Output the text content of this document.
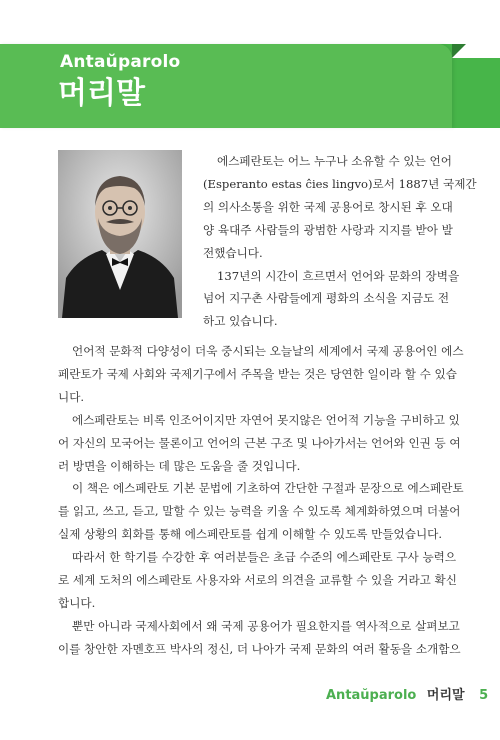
Antaŭparolo
머리말
에스페란토는 어느 누구나 소유할 수 있는 언어
(Esperanto estas ĉies lingvo)로서 1887년 국제간
의 의사소통을 위한 국제 공용어로 창시된 후 오대
양 육대주 사람들의 광범한 사랑과 지지를 받아 발
전했습니다.
137년의 시간이 흐르면서 언어와 문화의 장벽을
넘어 지구촌 사람들에게 평화의 소식을 지금도 전
하고 있습니다.
언어적 문화적 다양성이 더욱 중시되는 오늘날의 세계에서 국제 공용어인 에스
페란토가 국제 사회와 국제기구에서 주목을 받는 것은 당연한 일이라 할 수 있습
니다.
에스페란토는 비록 인조어이지만 자연어 못지않은 언어적 기능을 구비하고 있
어 자신의 모국어는 물론이고 언어의 근본 구조 및 나아가서는 언어와 인권 등 여
러 방면을 이해하는 데 많은 도움을 줄 것입니다.
이 책은 에스페란토 기본 문법에 기초하여 간단한 구절과 문장으로 에스페란토
를 읽고, 쓰고, 듣고, 말할 수 있는 능력을 키울 수 있도록 체계화하였으며 더불어
실제 상황의 회화를 통해 에스페란토를 쉽게 이해할 수 있도록 만들었습니다.
따라서 한 학기를 수강한 후 여러분들은 초급 수준의 에스페란토 구사 능력으
로 세계 도처의 에스페란토 사용자와 서로의 의견을 교류할 수 있을 거라고 확신
합니다.
뿐만 아니라 국제사회에서 왜 국제 공용어가 필요한지를 역사적으로 살펴보고
이를 창안한 자멘호프 박사의 정신, 더 나아가 국제 문화의 여러 활동을 소개함으
Antaŭparolo 머리말 5
